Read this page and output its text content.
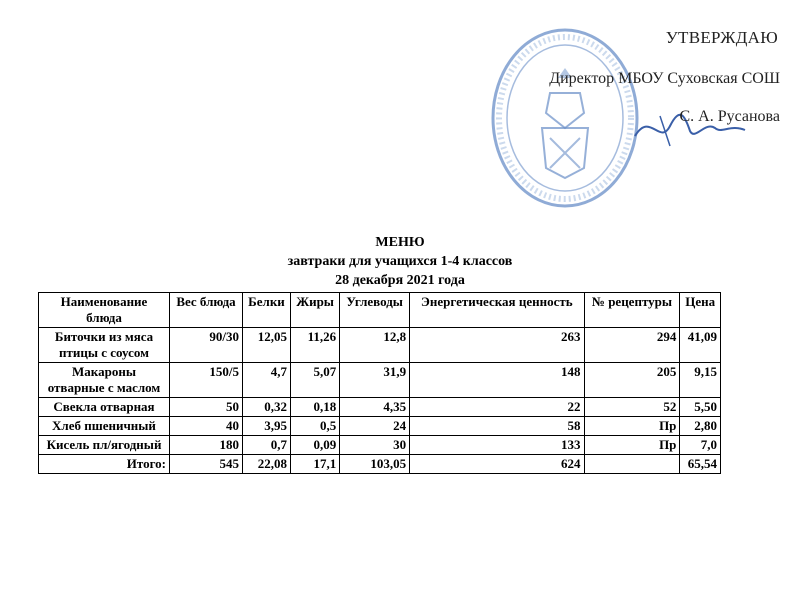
УТВЕРЖДАЮ
Директор МБОУ Суховская СОШ
С. А. Русанова
МЕНЮ
завтраки для учащихся 1-4 классов
28 декабря 2021 года
Наименование блюда	Вес блюда	Белки	Жиры	Углеводы	Энергетическая ценность	№ рецептуры	Цена
Биточки из мяса птицы с соусом	90/30	12,05	11,26	12,8	263	294	41,09
Макароны отварные с маслом	150/5	4,7	5,07	31,9	148	205	9,15
Свекла отварная	50	0,32	0,18	4,35	22	52	5,50
Хлеб пшеничный	40	3,95	0,5	24	58	Пр	2,80
Кисель пл/ягодный	180	0,7	0,09	30	133	Пр	7,0
Итого:	545	22,08	17,1	103,05	624		65,54
